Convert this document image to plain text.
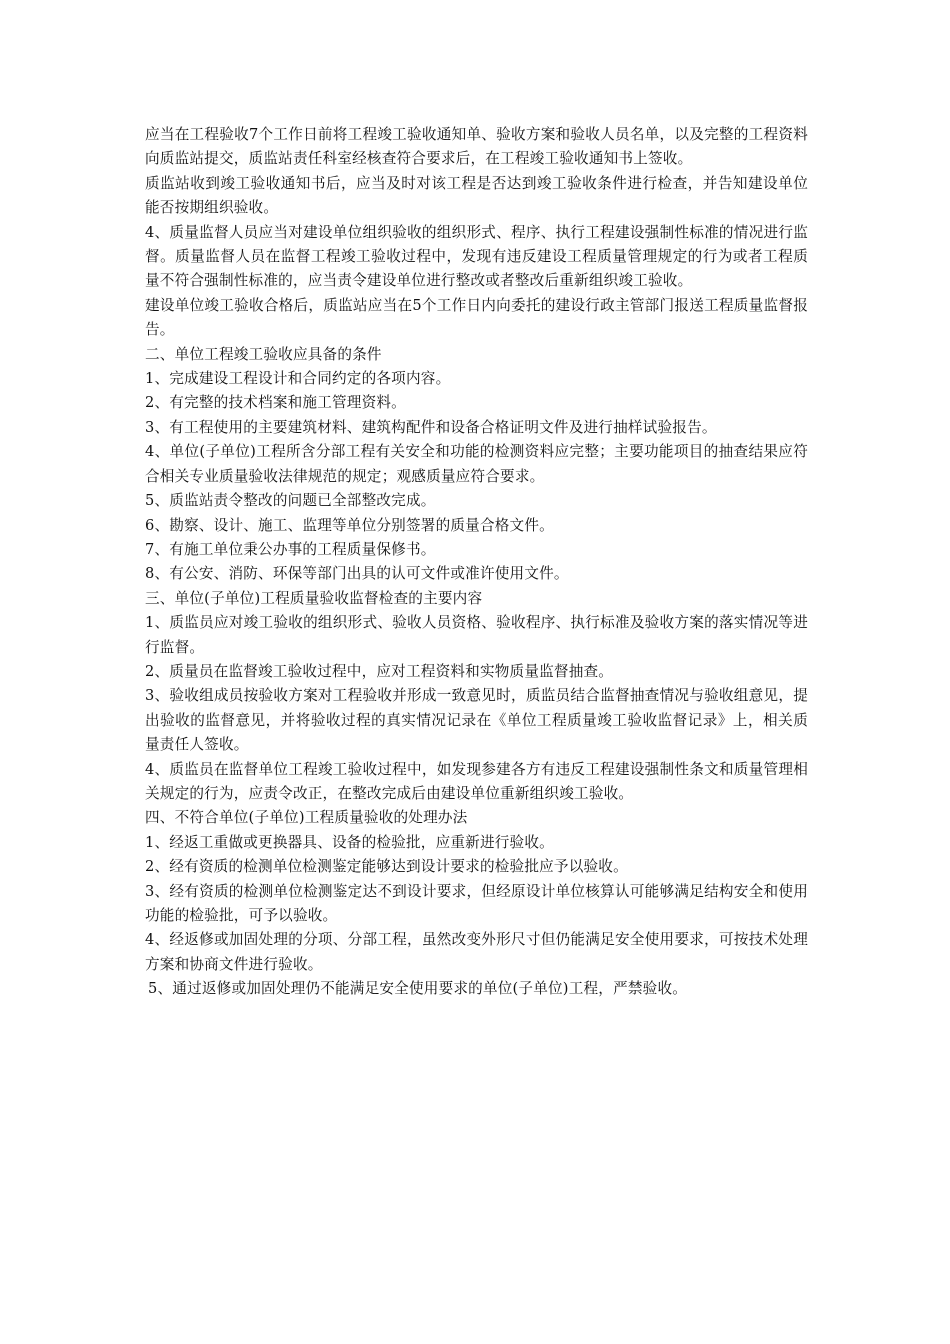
应当在工程验收7个工作日前将工程竣工验收通知单、验收方案和验收人员名单，以及完整的工程资料向质监站提交，质监站责任科室经核查符合要求后，在工程竣工验收通知书上签收。

质监站收到竣工验收通知书后，应当及时对该工程是否达到竣工验收条件进行检查，并告知建设单位能否按期组织验收。

4、质量监督人员应当对建设单位组织验收的组织形式、程序、执行工程建设强制性标准的情况进行监督。质量监督人员在监督工程竣工验收过程中，发现有违反建设工程质量管理规定的行为或者工程质量不符合强制性标准的，应当责令建设单位进行整改或者整改后重新组织竣工验收。

建设单位竣工验收合格后，质监站应当在5个工作日内向委托的建设行政主管部门报送工程质量监督报告。

二、单位工程竣工验收应具备的条件

1、完成建设工程设计和合同约定的各项内容。

2、有完整的技术档案和施工管理资料。

3、有工程使用的主要建筑材料、建筑构配件和设备合格证明文件及进行抽样试验报告。

4、单位(子单位)工程所含分部工程有关安全和功能的检测资料应完整；主要功能项目的抽查结果应符合相关专业质量验收法律规范的规定；观感质量应符合要求。

5、质监站责令整改的问题已全部整改完成。

6、勘察、设计、施工、监理等单位分别签署的质量合格文件。

7、有施工单位秉公办事的工程质量保修书。

8、有公安、消防、环保等部门出具的认可文件或准许使用文件。

三、单位(子单位)工程质量验收监督检查的主要内容

1、质监员应对竣工验收的组织形式、验收人员资格、验收程序、执行标准及验收方案的落实情况等进行监督。

2、质量员在监督竣工验收过程中，应对工程资料和实物质量监督抽查。

3、验收组成员按验收方案对工程验收并形成一致意见时，质监员结合监督抽查情况与验收组意见，提出验收的监督意见，并将验收过程的真实情况记录在《单位工程质量竣工验收监督记录》上，相关质量责任人签收。

4、质监员在监督单位工程竣工验收过程中，如发现参建各方有违反工程建设强制性条文和质量管理相关规定的行为，应责令改正，在整改完成后由建设单位重新组织竣工验收。

四、不符合单位(子单位)工程质量验收的处理办法

1、经返工重做或更换器具、设备的检验批，应重新进行验收。

2、经有资质的检测单位检测鉴定能够达到设计要求的检验批应予以验收。

3、经有资质的检测单位检测鉴定达不到设计要求，但经原设计单位核算认可能够满足结构安全和使用功能的检验批，可予以验收。

4、经返修或加固处理的分项、分部工程，虽然改变外形尺寸但仍能满足安全使用要求，可按技术处理方案和协商文件进行验收。

5、通过返修或加固处理仍不能满足安全使用要求的单位(子单位)工程，严禁验收。
